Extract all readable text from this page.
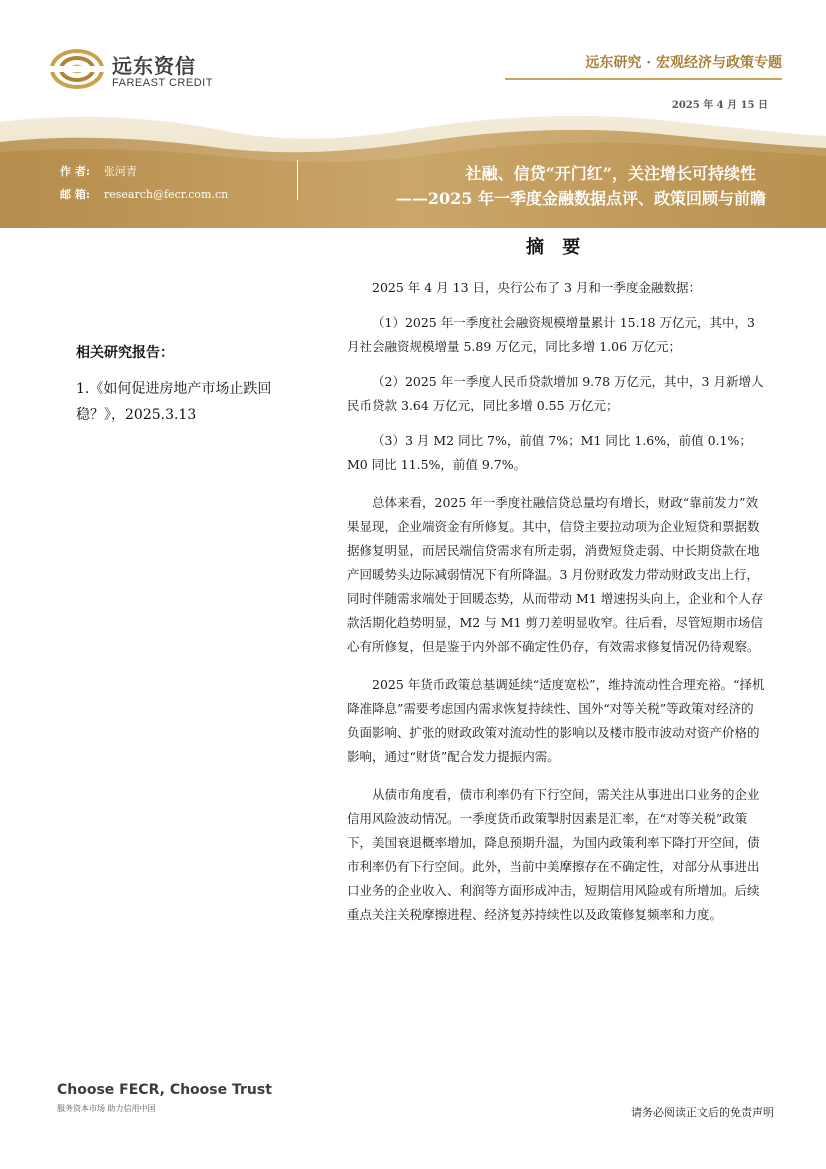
远东资信
FAREAST CREDIT
远东研究 · 宏观经济与政策专题
2025 年 4 月 15 日
作 者: 张河青
邮 箱: research@fecr.com.cn
社融、信贷“开门红”，关注增长可持续性
——2025 年一季度金融数据点评、政策回顾与前瞻
摘 要
相关研究报告：
1.《如何促进房地产市场止跌回稳？》，2025.3.13

2025 年 4 月 13 日，央行公布了 3 月和一季度金融数据：

（1）2025 年一季度社会融资规模增量累计 15.18 万亿元，其中，3 月社会融资规模增量 5.89 万亿元，同比多增 1.06 万亿元；

（2）2025 年一季度人民币贷款增加 9.78 万亿元，其中，3 月新增人民币贷款 3.64 万亿元，同比多增 0.55 万亿元；

（3）3 月 M2 同比 7%，前值 7%；M1 同比 1.6%，前值 0.1%；M0 同比 11.5%，前值 9.7%。

总体来看，2025 年一季度社融信贷总量均有增长，财政“靠前发力”效果显现，企业端资金有所修复。其中，信贷主要拉动项为企业短贷和票据数据修复明显，而居民端信贷需求有所走弱，消费短贷走弱、中长期贷款在地产回暖势头边际减弱情况下有所降温。3 月份财政发力带动财政支出上行，同时伴随需求端处于回暖态势，从而带动 M1 增速拐头向上，企业和个人存款活期化趋势明显，M2 与 M1 剪刀差明显收窄。往后看，尽管短期市场信心有所修复，但是鉴于内外部不确定性仍存，有效需求修复情况仍待观察。

2025 年货币政策总基调延续“适度宽松”，维持流动性合理充裕。“择机降准降息”需要考虑国内需求恢复持续性、国外“对等关税”等政策对经济的负面影响、扩张的财政政策对流动性的影响以及楼市股市波动对资产价格的影响，通过“财货”配合发力提振内需。

从债市角度看，债市利率仍有下行空间，需关注从事进出口业务的企业信用风险波动情况。一季度货币政策掣肘因素是汇率，在“对等关税”政策下，美国衰退概率增加，降息预期升温，为国内政策利率下降打开空间，债市利率仍有下行空间。此外，当前中美摩擦存在不确定性，对部分从事进出口业务的企业收入、利润等方面形成冲击，短期信用风险或有所增加。后续重点关注关税摩擦进程、经济复苏持续性以及政策修复频率和力度。

Choose FECR, Choose Trust
服务资本市场 助力信用中国	请务必阅读正文后的免责声明
